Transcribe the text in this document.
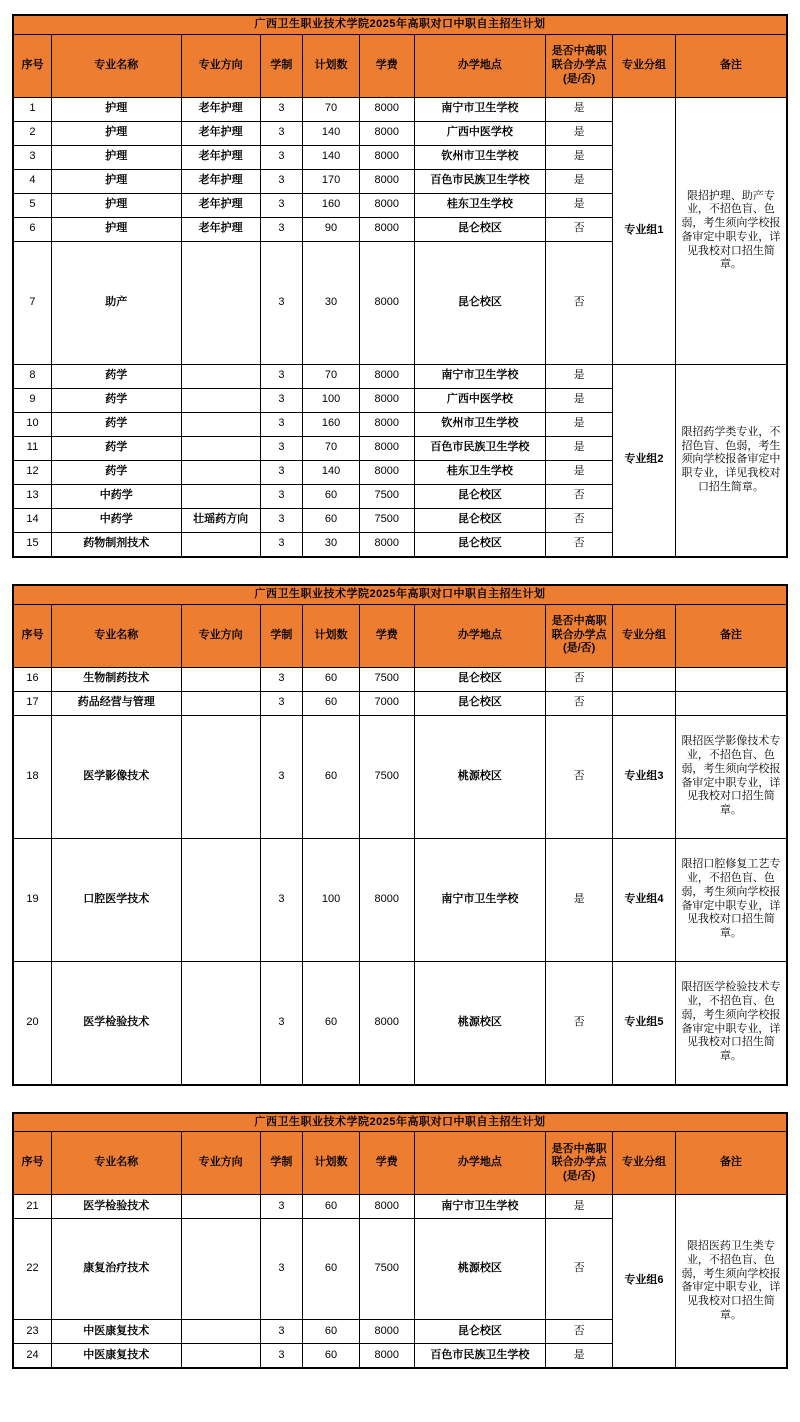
广西卫生职业技术学院2025年高职对口中职自主招生计划									
序号	专业名称	专业方向	学制	计划数	学费	办学地点	是否中高职联合办学点(是/否)	专业分组	备注
1	护理	老年护理	3	70	8000	南宁市卫生学校	是	专业组1	限招护理、助产专业，不招色盲、色弱，考生须向学校报备审定中职专业，详见我校对口招生简章。
2	护理	老年护理	3	140	8000	广西中医学校	是		
3	护理	老年护理	3	140	8000	钦州市卫生学校	是		
4	护理	老年护理	3	170	8000	百色市民族卫生学校	是		
5	护理	老年护理	3	160	8000	桂东卫生学校	是		
6	护理	老年护理	3	90	8000	昆仑校区	否		
7	助产		3	30	8000	昆仑校区	否		
8	药学		3	70	8000	南宁市卫生学校	是	专业组2	限招药学类专业，不招色盲、色弱，考生须向学校报备审定中职专业，详见我校对口招生简章。
9	药学		3	100	8000	广西中医学校	是		
10	药学		3	160	8000	钦州市卫生学校	是		
11	药学		3	70	8000	百色市民族卫生学校	是		
12	药学		3	140	8000	桂东卫生学校	是		
13	中药学		3	60	7500	昆仑校区	否		
14	中药学	壮瑶药方向	3	60	7500	昆仑校区	否		
15	药物制剂技术		3	30	8000	昆仑校区	否		
广西卫生职业技术学院2025年高职对口中职自主招生计划									
序号	专业名称	专业方向	学制	计划数	学费	办学地点	是否中高职联合办学点(是/否)	专业分组	备注
16	生物制药技术		3	60	7500	昆仑校区	否		
17	药品经营与管理		3	60	7000	昆仑校区	否		
18	医学影像技术		3	60	7500	桃源校区	否	专业组3	限招医学影像技术专业，不招色盲、色弱，考生须向学校报备审定中职专业，详见我校对口招生简章。
19	口腔医学技术		3	100	8000	南宁市卫生学校	是	专业组4	限招口腔修复工艺专业，不招色盲、色弱，考生须向学校报备审定中职专业，详见我校对口招生简章。
20	医学检验技术		3	60	8000	桃源校区	否	专业组5	限招医学检验技术专业，不招色盲、色弱，考生须向学校报备审定中职专业，详见我校对口招生简章。
广西卫生职业技术学院2025年高职对口中职自主招生计划									
序号	专业名称	专业方向	学制	计划数	学费	办学地点	是否中高职联合办学点(是/否)	专业分组	备注
21	医学检验技术		3	60	8000	南宁市卫生学校	是	专业组6	限招医药卫生类专业，不招色盲、色弱，考生须向学校报备审定中职专业，详见我校对口招生简章。
22	康复治疗技术		3	60	7500	桃源校区	否		
23	中医康复技术		3	60	8000	昆仑校区	否		
24	中医康复技术		3	60	8000	百色市民族卫生学校	是		
